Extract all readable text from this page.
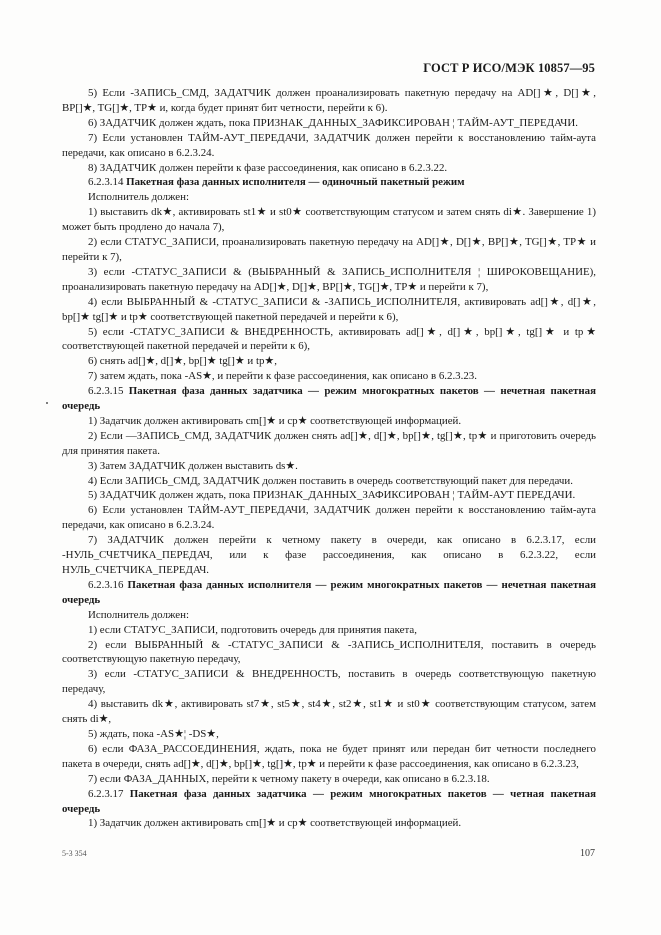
ГОСТ Р ИСО/МЭК 10857—95

5) Если -ЗАПИСЬ_СМД, ЗАДАТЧИК должен проанализировать пакетную передачу на AD[]★, D[]★, BP[]★, TG[]★, TP★ и, когда будет принят бит четности, перейти к 6).

6) ЗАДАТЧИК должен ждать, пока ПРИЗНАК_ДАННЫХ_ЗАФИКСИРОВАН ¦ ТАЙМ-АУТ_ПЕРЕДАЧИ.

7) Если установлен ТАЙМ-АУТ_ПЕРЕДАЧИ, ЗАДАТЧИК должен перейти к восстановлению тайм-аута передачи, как описано в 6.2.3.24.

8) ЗАДАТЧИК должен перейти к фазе рассоединения, как описано в 6.2.3.22.

6.2.3.14 Пакетная фаза данных исполнителя — одиночный пакетный режим

Исполнитель должен:

1) выставить dk★, активировать st1★ и st0★ соответствующим статусом и затем снять di★. Завершение 1) может быть продлено до начала 7),

2) если СТАТУС_ЗАПИСИ, проанализировать пакетную передачу на AD[]★, D[]★, BP[]★, TG[]★, TP★ и перейти к 7),

3) если -СТАТУС_ЗАПИСИ & (ВЫБРАННЫЙ & ЗАПИСЬ_ИСПОЛНИТЕЛЯ ¦ ШИРОКОВЕЩАНИЕ), проанализировать пакетную передачу на AD[]★, D[]★, BP[]★, TG[]★, TP★ и перейти к 7),

4) если ВЫБРАННЫЙ & -СТАТУС_ЗАПИСИ & -ЗАПИСЬ_ИСПОЛНИТЕЛЯ, активировать ad[]★, d[]★, bp[]★ tg[]★ и tp★ соответствующей пакетной передачей и перейти к 6),

5) если -СТАТУС_ЗАПИСИ & ВНЕДРЕННОСТЬ, активировать ad[]★, d[]★, bp[]★, tg[]★ и tp★ соответствующей пакетной передачей и перейти к 6),

6) снять ad[]★, d[]★, bp[]★ tg[]★ и tp★,

7) затем ждать, пока -AS★, и перейти к фазе рассоединения, как описано в 6.2.3.23.

6.2.3.15 Пакетная фаза данных задатчика — режим многократных пакетов — нечетная пакетная очередь

1) Задатчик должен активировать cm[]★ и cp★ соответствующей информацией.

2) Если —ЗАПИСЬ_СМД, ЗАДАТЧИК должен снять ad[]★, d[]★, bp[]★, tg[]★, tp★ и приготовить очередь для принятия пакета.

3) Затем ЗАДАТЧИК должен выставить ds★.

4) Если ЗАПИСЬ_СМД, ЗАДАТЧИК должен поставить в очередь соответствующий пакет для передачи.

5) ЗАДАТЧИК должен ждать, пока ПРИЗНАК_ДАННЫХ_ЗАФИКСИРОВАН ¦ ТАЙМ-АУТ ПЕРЕДАЧИ.

6) Если установлен ТАЙМ-АУТ_ПЕРЕДАЧИ, ЗАДАТЧИК должен перейти к восстановлению тайм-аута передачи, как описано в 6.2.3.24.

7) ЗАДАТЧИК должен перейти к четному пакету в очереди, как описано в 6.2.3.17, если -НУЛЬ_СЧЕТЧИКА_ПЕРЕДАЧ, или к фазе рассоединения, как описано в 6.2.3.22, если НУЛЬ_СЧЕТЧИКА_ПЕРЕДАЧ.

6.2.3.16 Пакетная фаза данных исполнителя — режим многократных пакетов — нечетная пакетная очередь

Исполнитель должен:

1) если СТАТУС_ЗАПИСИ, подготовить очередь для принятия пакета,

2) если ВЫБРАННЫЙ & -СТАТУС_ЗАПИСИ & -ЗАПИСЬ_ИСПОЛНИТЕЛЯ, поставить в очередь соответствующую пакетную передачу,

3) если -СТАТУС_ЗАПИСИ & ВНЕДРЕННОСТЬ, поставить в очередь соответствующую пакетную передачу,

4) выставить dk★, активировать st7★, st5★, st4★, st2★, st1★ и st0★ соответствующим статусом, затем снять di★,

5) ждать, пока -AS★¦ -DS★,

6) если ФАЗА_РАССОЕДИНЕНИЯ, ждать, пока не будет принят или передан бит четности последнего пакета в очереди, снять ad[]★, d[]★, bp[]★, tg[]★, tp★ и перейти к фазе рассоединения, как описано в 6.2.3.23,

7) если ФАЗА_ДАННЫХ, перейти к четному пакету в очереди, как описано в 6.2.3.18.

6.2.3.17 Пакетная фаза данных задатчика — режим многократных пакетов — четная пакетная очередь

1) Задатчик должен активировать cm[]★ и cp★ соответствующей информацией.

5-3 354	107
